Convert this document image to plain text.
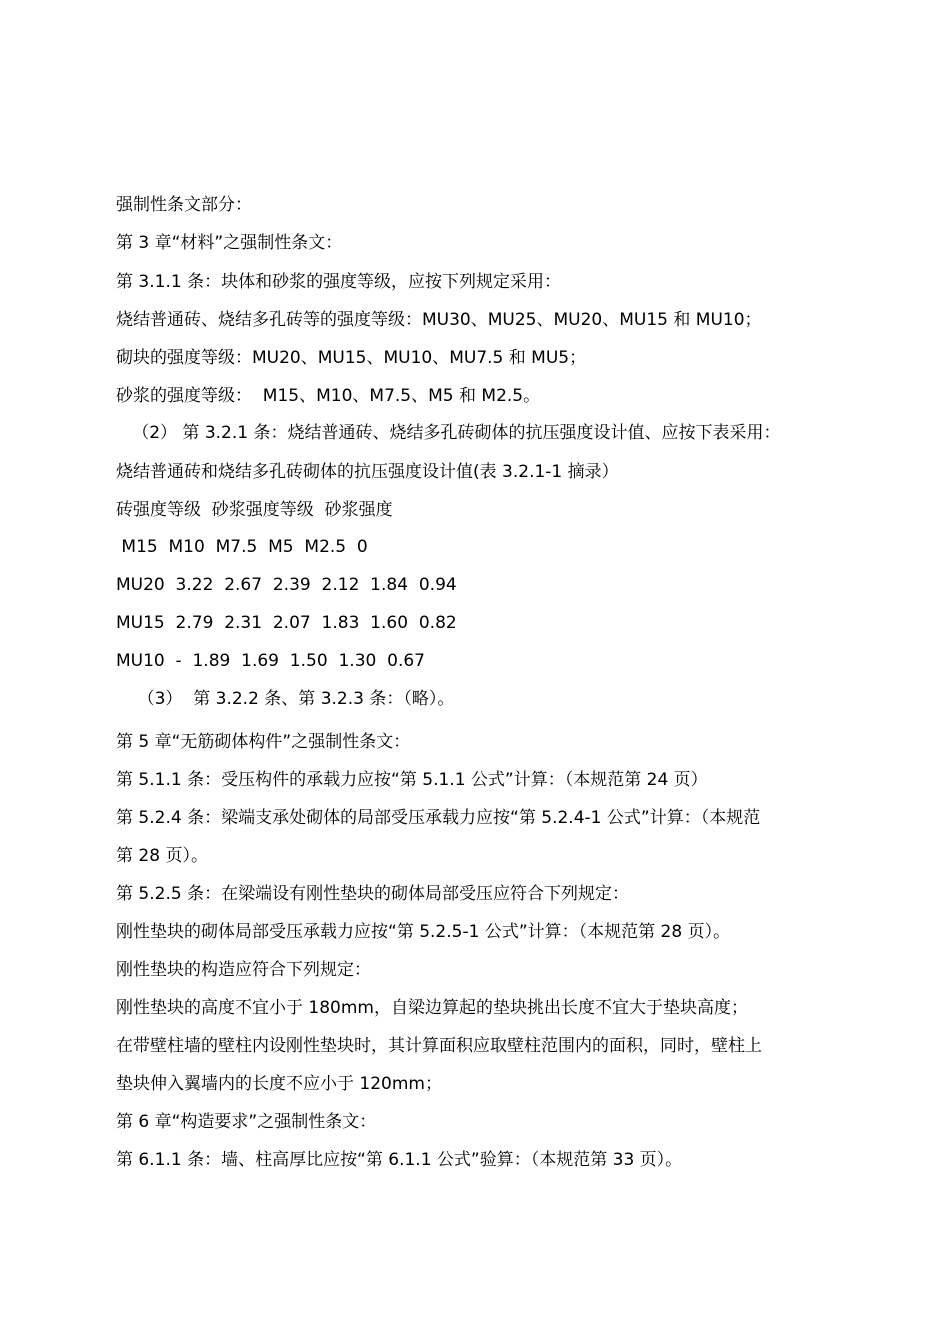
强制性条文部分：
第 3 章“材料”之强制性条文：
第 3.1.1 条：块体和砂浆的强度等级，应按下列规定采用：
烧结普通砖、烧结多孔砖等的强度等级：MU30、MU25、MU20、MU15 和 MU10；
砌块的强度等级：MU20、MU15、MU10、MU7.5 和 MU5；
砂浆的强度等级：  M15、M10、M7.5、M5 和 M2.5。
（2） 第 3.2.1 条：烧结普通砖、烧结多孔砖砌体的抗压强度设计值、应按下表采用：
烧结普通砖和烧结多孔砖砌体的抗压强度设计值(表 3.2.1-1 摘录）
砖强度等级  砂浆强度等级  砂浆强度
M15  M10  M7.5  M5  M2.5  0
MU20  3.22  2.67  2.39  2.12  1.84  0.94
MU15  2.79  2.31  2.07  1.83  1.60  0.82
MU10  -  1.89  1.69  1.50  1.30  0.67
（3）  第 3.2.2 条、第 3.2.3 条：（略）。
第 5 章“无筋砌体构件”之强制性条文：
第 5.1.1 条：受压构件的承载力应按“第 5.1.1 公式”计算：（本规范第 24 页）
第 5.2.4 条：梁端支承处砌体的局部受压承载力应按“第 5.2.4-1 公式”计算：（本规范
第 28 页）。
第 5.2.5 条：在梁端设有刚性垫块的砌体局部受压应符合下列规定：
刚性垫块的砌体局部受压承载力应按“第 5.2.5-1 公式”计算：（本规范第 28 页）。
刚性垫块的构造应符合下列规定：
刚性垫块的高度不宜小于 180mm，自梁边算起的垫块挑出长度不宜大于垫块高度；
在带壁柱墙的壁柱内设刚性垫块时，其计算面积应取壁柱范围内的面积，同时，壁柱上
垫块伸入翼墙内的长度不应小于 120mm；
第 6 章“构造要求”之强制性条文：
第 6.1.1 条：墙、柱高厚比应按“第 6.1.1 公式”验算：（本规范第 33 页）。
